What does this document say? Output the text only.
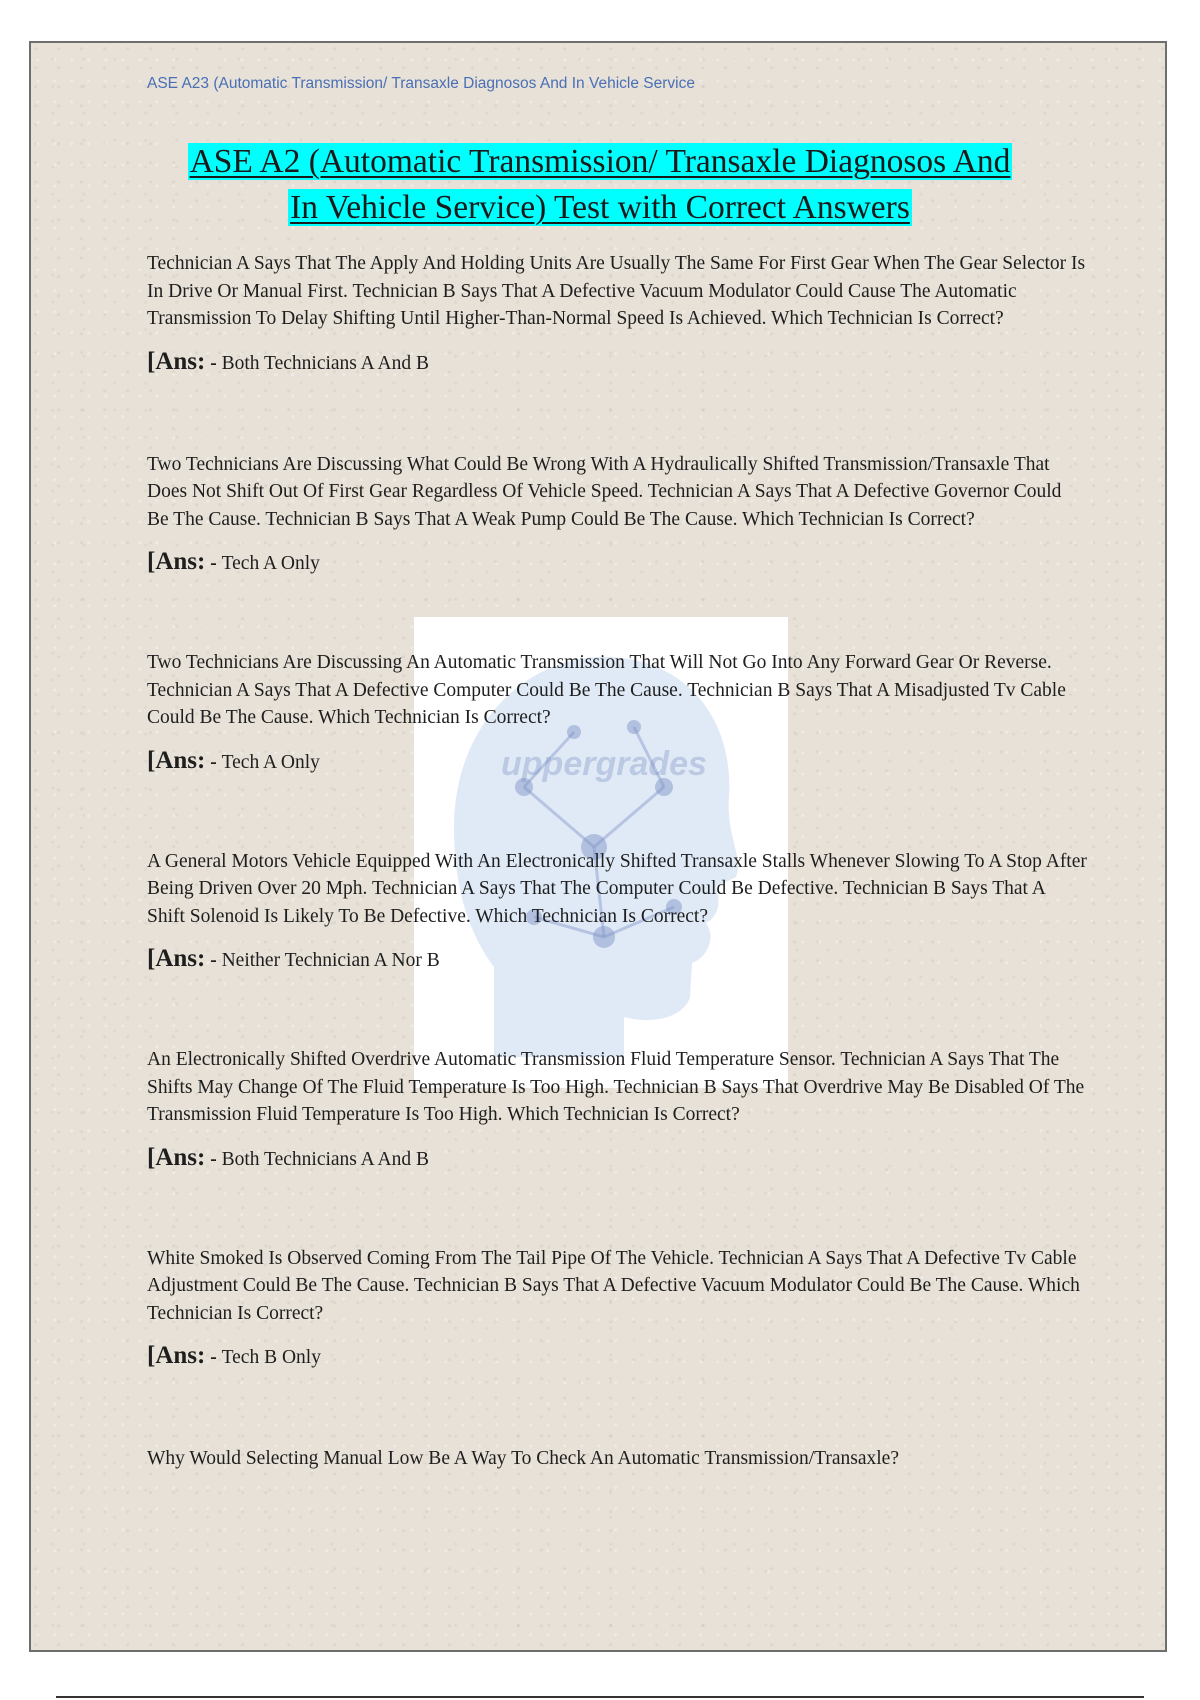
ASE A23 (Automatic Transmission/ Transaxle Diagnosos And In Vehicle Service
ASE A2 (Automatic Transmission/ Transaxle Diagnosos And
In Vehicle Service) Test with Correct Answers
uppergrades

Technician A Says That The Apply And Holding Units Are Usually The Same For First Gear When The Gear Selector Is In Drive Or Manual First. Technician B Says That A Defective Vacuum Modulator Could Cause The Automatic Transmission To Delay Shifting Until Higher-Than-Normal Speed Is Achieved. Which Technician Is Correct?

[Ans: - Both Technicians A And B

Two Technicians Are Discussing What Could Be Wrong With A Hydraulically Shifted Transmission/Transaxle That Does Not Shift Out Of First Gear Regardless Of Vehicle Speed. Technician A Says That A Defective Governor Could Be The Cause. Technician B Says That A Weak Pump Could Be The Cause. Which Technician Is Correct?

[Ans: - Tech A Only

Two Technicians Are Discussing An Automatic Transmission That Will Not Go Into Any Forward Gear Or Reverse. Technician A Says That A Defective Computer Could Be The Cause. Technician B Says That A Misadjusted Tv Cable Could Be The Cause. Which Technician Is Correct?

[Ans: - Tech A Only

A General Motors Vehicle Equipped With An Electronically Shifted Transaxle Stalls Whenever Slowing To A Stop After Being Driven Over 20 Mph. Technician A Says That The Computer Could Be Defective. Technician B Says That A Shift Solenoid Is Likely To Be Defective. Which Technician Is Correct?

[Ans: - Neither Technician A Nor B

An Electronically Shifted Overdrive Automatic Transmission Fluid Temperature Sensor. Technician A Says That The Shifts May Change Of The Fluid Temperature Is Too High. Technician B Says That Overdrive May Be Disabled Of The Transmission Fluid Temperature Is Too High. Which Technician Is Correct?

[Ans: - Both Technicians A And B

White Smoked Is Observed Coming From The Tail Pipe Of The Vehicle. Technician A Says That A Defective Tv Cable Adjustment Could Be The Cause. Technician B Says That A Defective Vacuum Modulator Could Be The Cause. Which Technician Is Correct?

[Ans: - Tech B Only

Why Would Selecting Manual Low Be A Way To Check An Automatic Transmission/Transaxle?
